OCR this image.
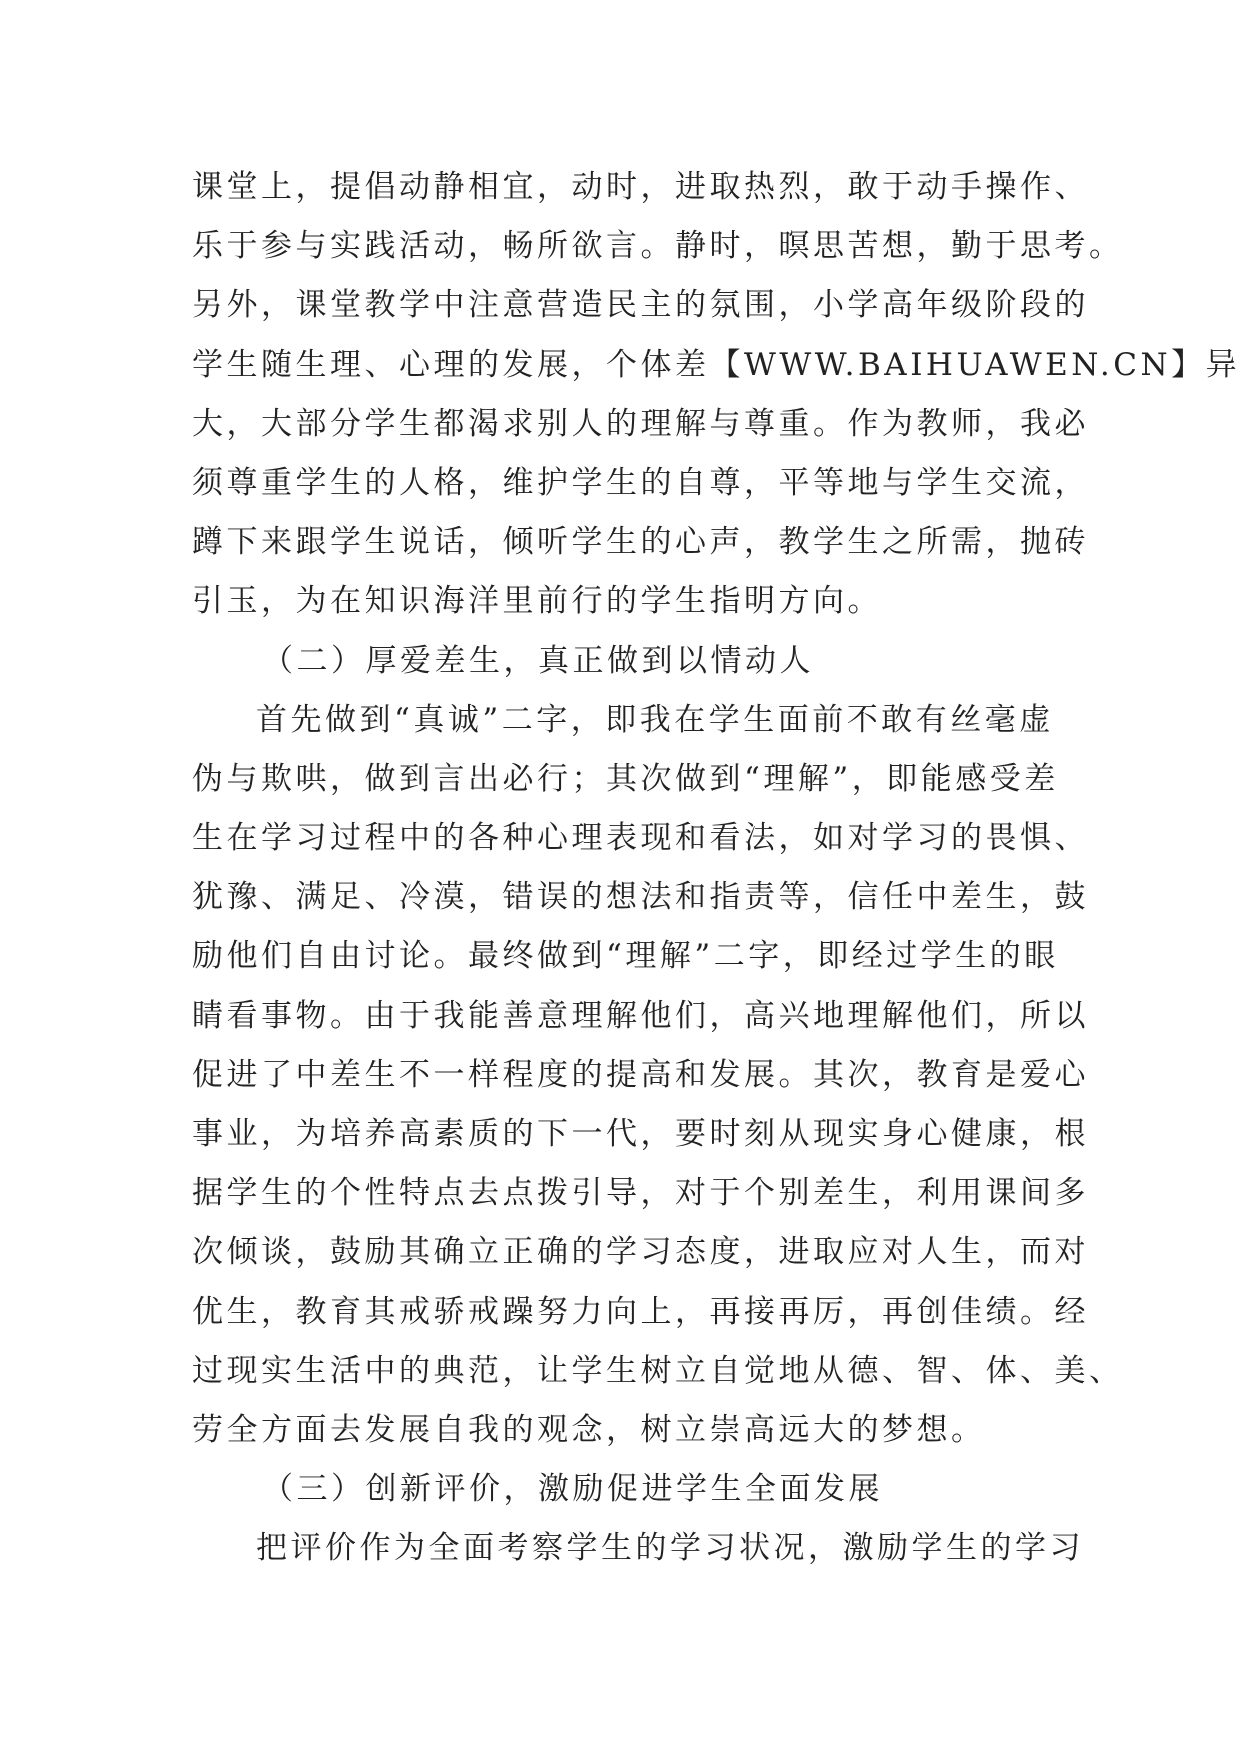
课堂上，提倡动静相宜，动时，进取热烈，敢于动手操作、
乐于参与实践活动，畅所欲言。静时，暝思苦想，勤于思考。
另外，课堂教学中注意营造民主的氛围，小学高年级阶段的
学生随生理、心理的发展，个体差【WWW.BAIHUAWEN.CN】异
大，大部分学生都渴求别人的理解与尊重。作为教师，我必
须尊重学生的人格，维护学生的自尊，平等地与学生交流，
蹲下来跟学生说话，倾听学生的心声，教学生之所需，抛砖
引玉，为在知识海洋里前行的学生指明方向。
（二）厚爱差生，真正做到以情动人
首先做到“真诚”二字，即我在学生面前不敢有丝毫虚
伪与欺哄，做到言出必行；其次做到“理解”，即能感受差
生在学习过程中的各种心理表现和看法，如对学习的畏惧、
犹豫、满足、冷漠，错误的想法和指责等，信任中差生，鼓
励他们自由讨论。最终做到“理解”二字，即经过学生的眼
睛看事物。由于我能善意理解他们，高兴地理解他们，所以
促进了中差生不一样程度的提高和发展。其次，教育是爱心
事业，为培养高素质的下一代，要时刻从现实身心健康，根
据学生的个性特点去点拨引导，对于个别差生，利用课间多
次倾谈，鼓励其确立正确的学习态度，进取应对人生，而对
优生，教育其戒骄戒躁努力向上，再接再厉，再创佳绩。经
过现实生活中的典范，让学生树立自觉地从德、智、体、美、
劳全方面去发展自我的观念，树立崇高远大的梦想。
（三）创新评价，激励促进学生全面发展
把评价作为全面考察学生的学习状况，激励学生的学习
